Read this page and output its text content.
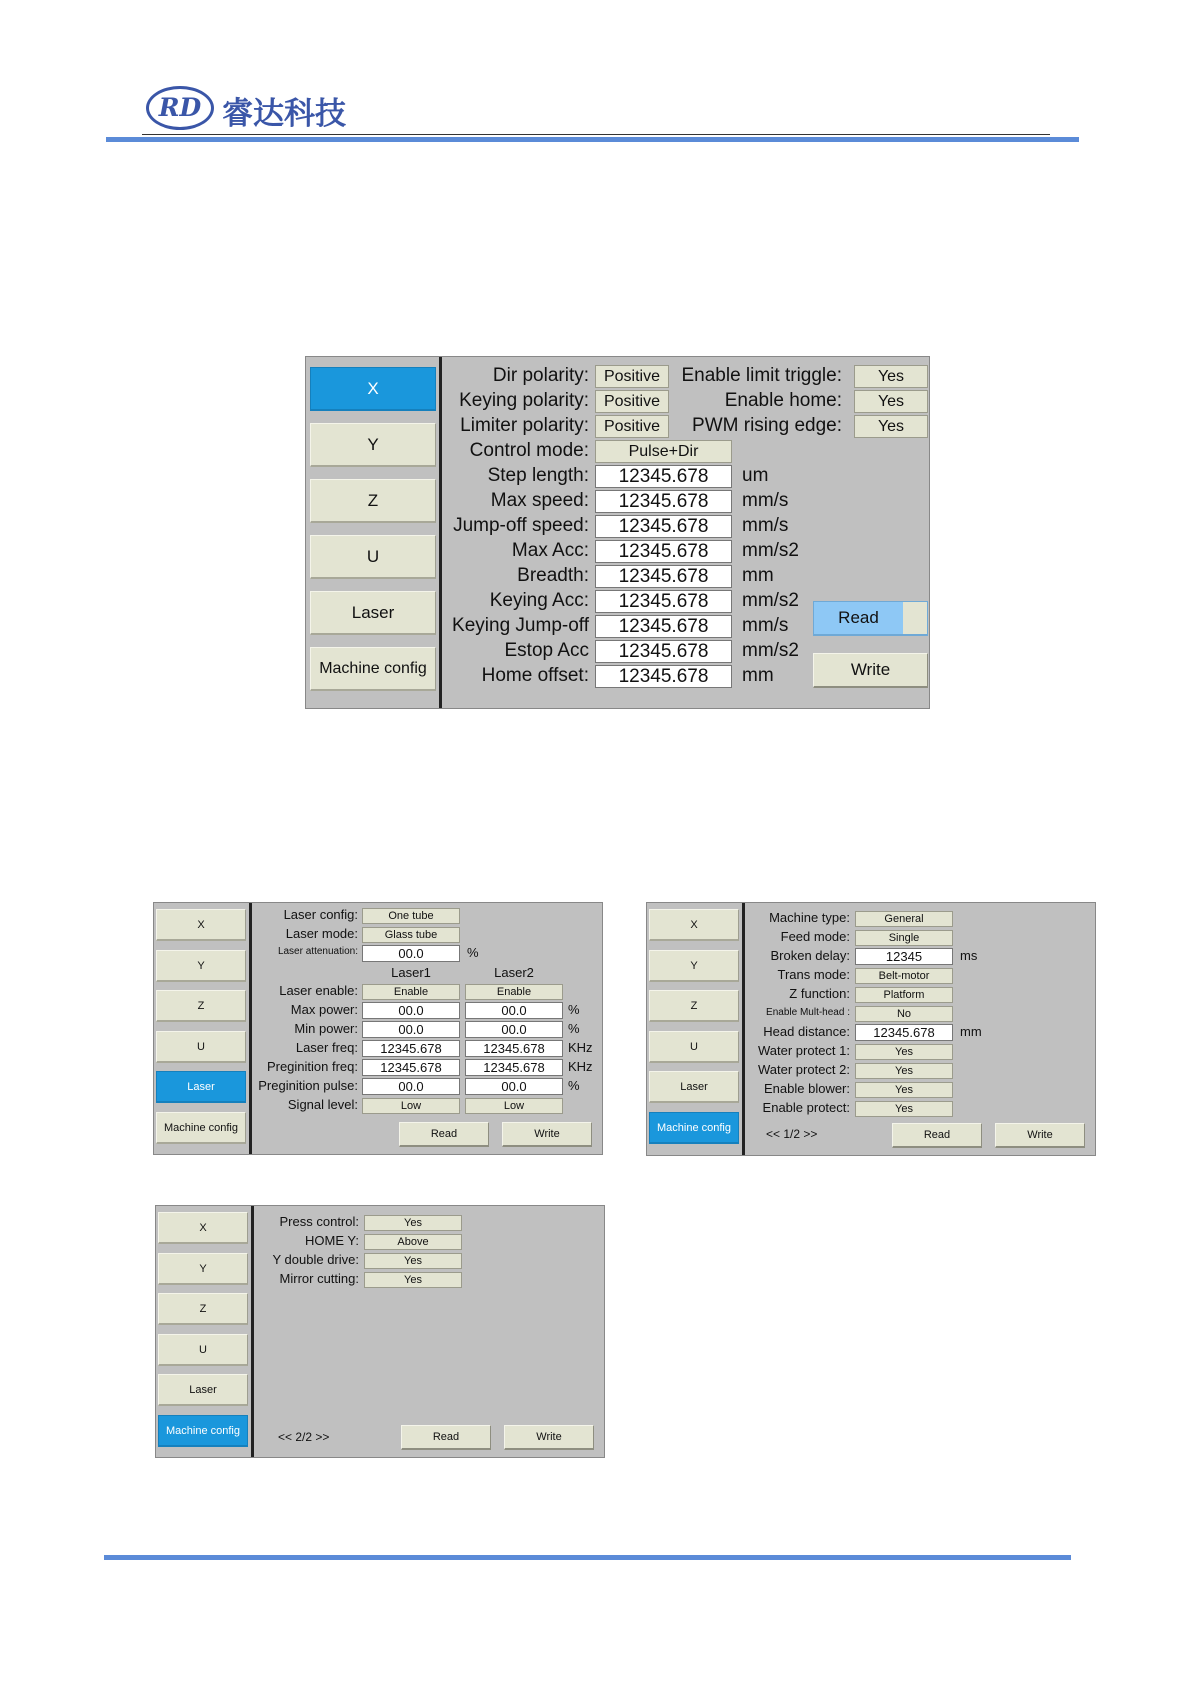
RD 睿达科技
X
Y
Z
U
Laser
Machine config
Dir polarity: Positive
Keying polarity: Positive
Limiter polarity: Positive
Control mode:	Pulse+Dir
Enable limit triggle:	Yes
Enable home:	Yes
PWM rising edge:	Yes
Step length:	12345.678	um
Max speed:	12345.678	mm/s
Jump-off speed:	12345.678	mm/s
Max Acc:	12345.678	mm/s2
Breadth:	12345.678	mm
Keying Acc:	12345.678	mm/s2
Keying Jump-off	12345.678	mm/s
Estop Acc	12345.678	mm/s2
Home offset:	12345.678	mm
Read
Write
X
Y
Z
U
Laser
Machine config
Laser config:	One tube
Laser mode:	Glass tube
Laser attenuation:	00.0	%
Laser1	Laser2
Laser enable:	Enable	Enable
Max power:	00.0	00.0	%
Min power:	00.0	00.0	%
Laser freq:	12345.678	12345.678	KHz
Preginition freq:	12345.678	12345.678	KHz
Preginition pulse:	00.0	00.0	%
Signal level:	Low	Low
Read	Write
X
Y
Z
U
Laser
Machine config
Machine type:	General
Feed mode:	Single
Broken delay:	12345	ms
Trans mode:	Belt-motor
Z function:	Platform
Enable Mult-head :	No
Head distance:	12345.678	mm
Water protect 1:	Yes
Water protect 2:	Yes
Enable blower:	Yes
Enable protect:	Yes
<< 1/2 >>	Read	Write
X
Y
Z
U
Laser
Machine config
Press control:	Yes
HOME Y:	Above
Y double drive:	Yes
Mirror cutting:	Yes
<< 2/2 >>	Read	Write
